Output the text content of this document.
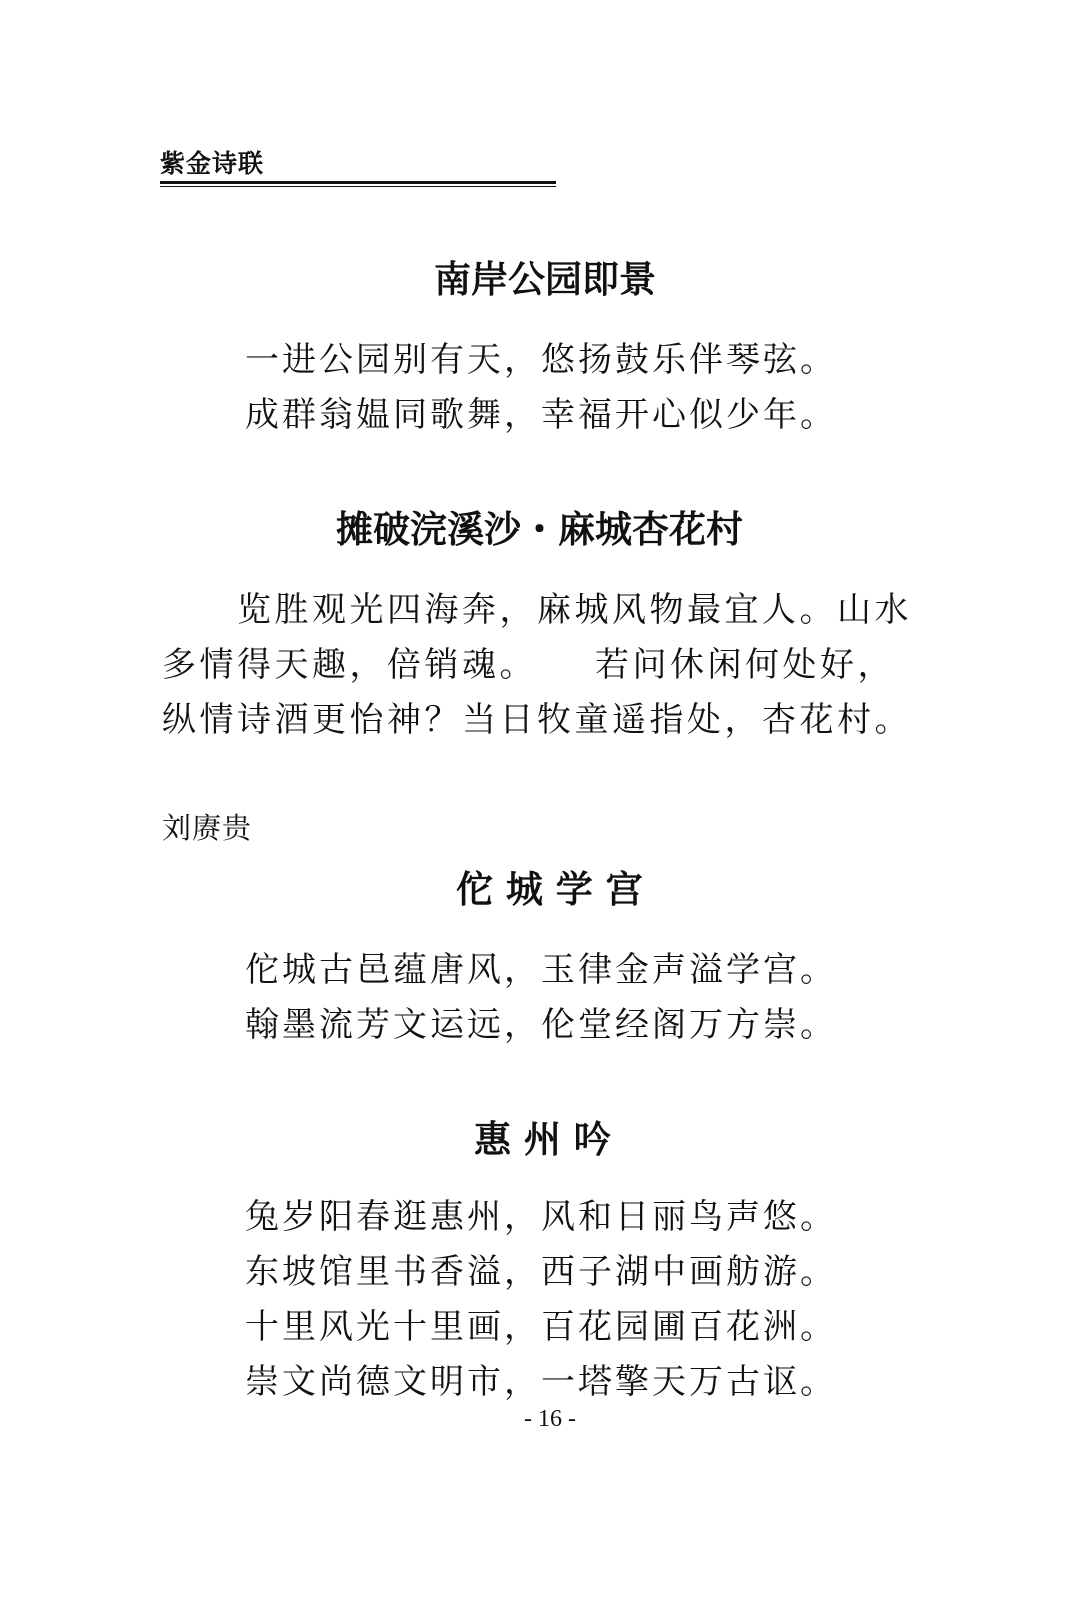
紫金诗联
南岸公园即景
一进公园别有天，悠扬鼓乐伴琴弦。
成群翁媪同歌舞，幸福开心似少年。
摊破浣溪沙・麻城杏花村
　　览胜观光四海奔，麻城风物最宜人。山水
多情得天趣，倍销魂。　　若问休闲何处好，
纵情诗酒更怡神？当日牧童遥指处，杏花村。
刘赓贵
佗 城 学 宫
佗城古邑蕴唐风，玉律金声溢学宫。
翰墨流芳文运远，伦堂经阁万方崇。
惠 州 吟
兔岁阳春逛惠州，风和日丽鸟声悠。
东坡馆里书香溢，西子湖中画舫游。
十里风光十里画，百花园圃百花洲。
崇文尚德文明市，一塔擎天万古讴。
- 16 -
